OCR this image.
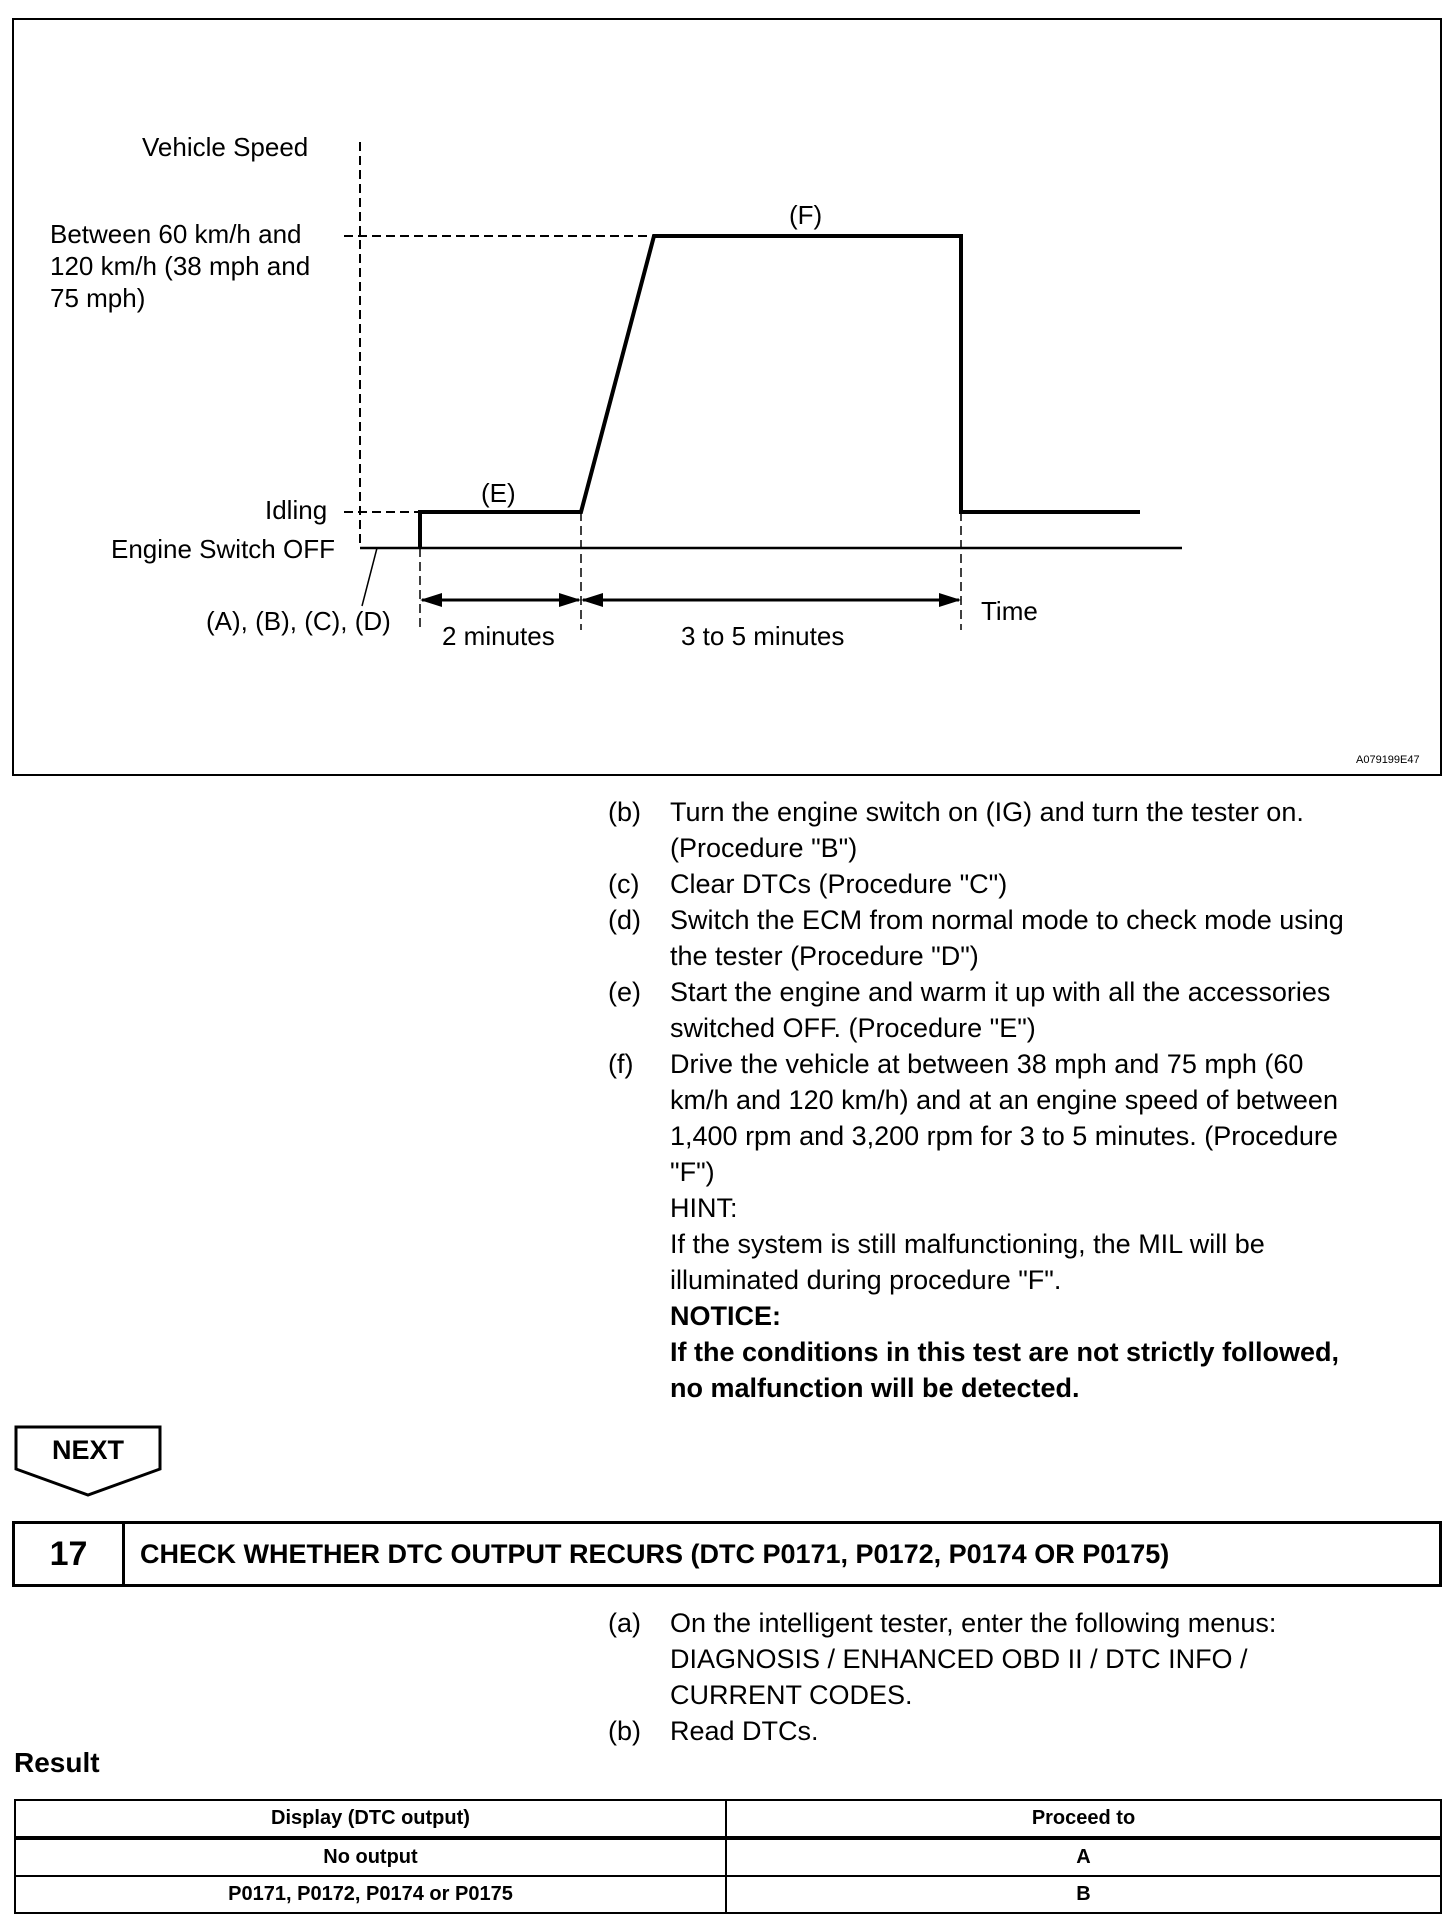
Vehicle Speed
Between 60 km/h and
120 km/h (38 mph and
75 mph)
Idling
Engine Switch OFF
(A), (B), (C), (D)
(E)
(F)
2 minutes	3 to 5 minutes
Time
A079199E47
(b)	Turn the engine switch on (IG) and turn the tester on.
(Procedure "B")
(c)	Clear DTCs (Procedure "C")
(d)	Switch the ECM from normal mode to check mode using
the tester (Procedure "D")
(e)	Start the engine and warm it up with all the accessories
switched OFF. (Procedure "E")
(f)	Drive the vehicle at between 38 mph and 75 mph (60
km/h and 120 km/h) and at an engine speed of between
1,400 rpm and 3,200 rpm for 3 to 5 minutes. (Procedure
"F")
HINT:
If the system is still malfunctioning, the MIL will be
illuminated during procedure "F".
NOTICE:
If the conditions in this test are not strictly followed,
no malfunction will be detected.
NEXT
17	CHECK WHETHER DTC OUTPUT RECURS (DTC P0171, P0172, P0174 OR P0175)
(a)	On the intelligent tester, enter the following menus:
DIAGNOSIS / ENHANCED OBD II / DTC INFO /
CURRENT CODES.
(b)	Read DTCs.
Result
Display (DTC output)	Proceed to
No output	A
P0171, P0172, P0174 or P0175	B
